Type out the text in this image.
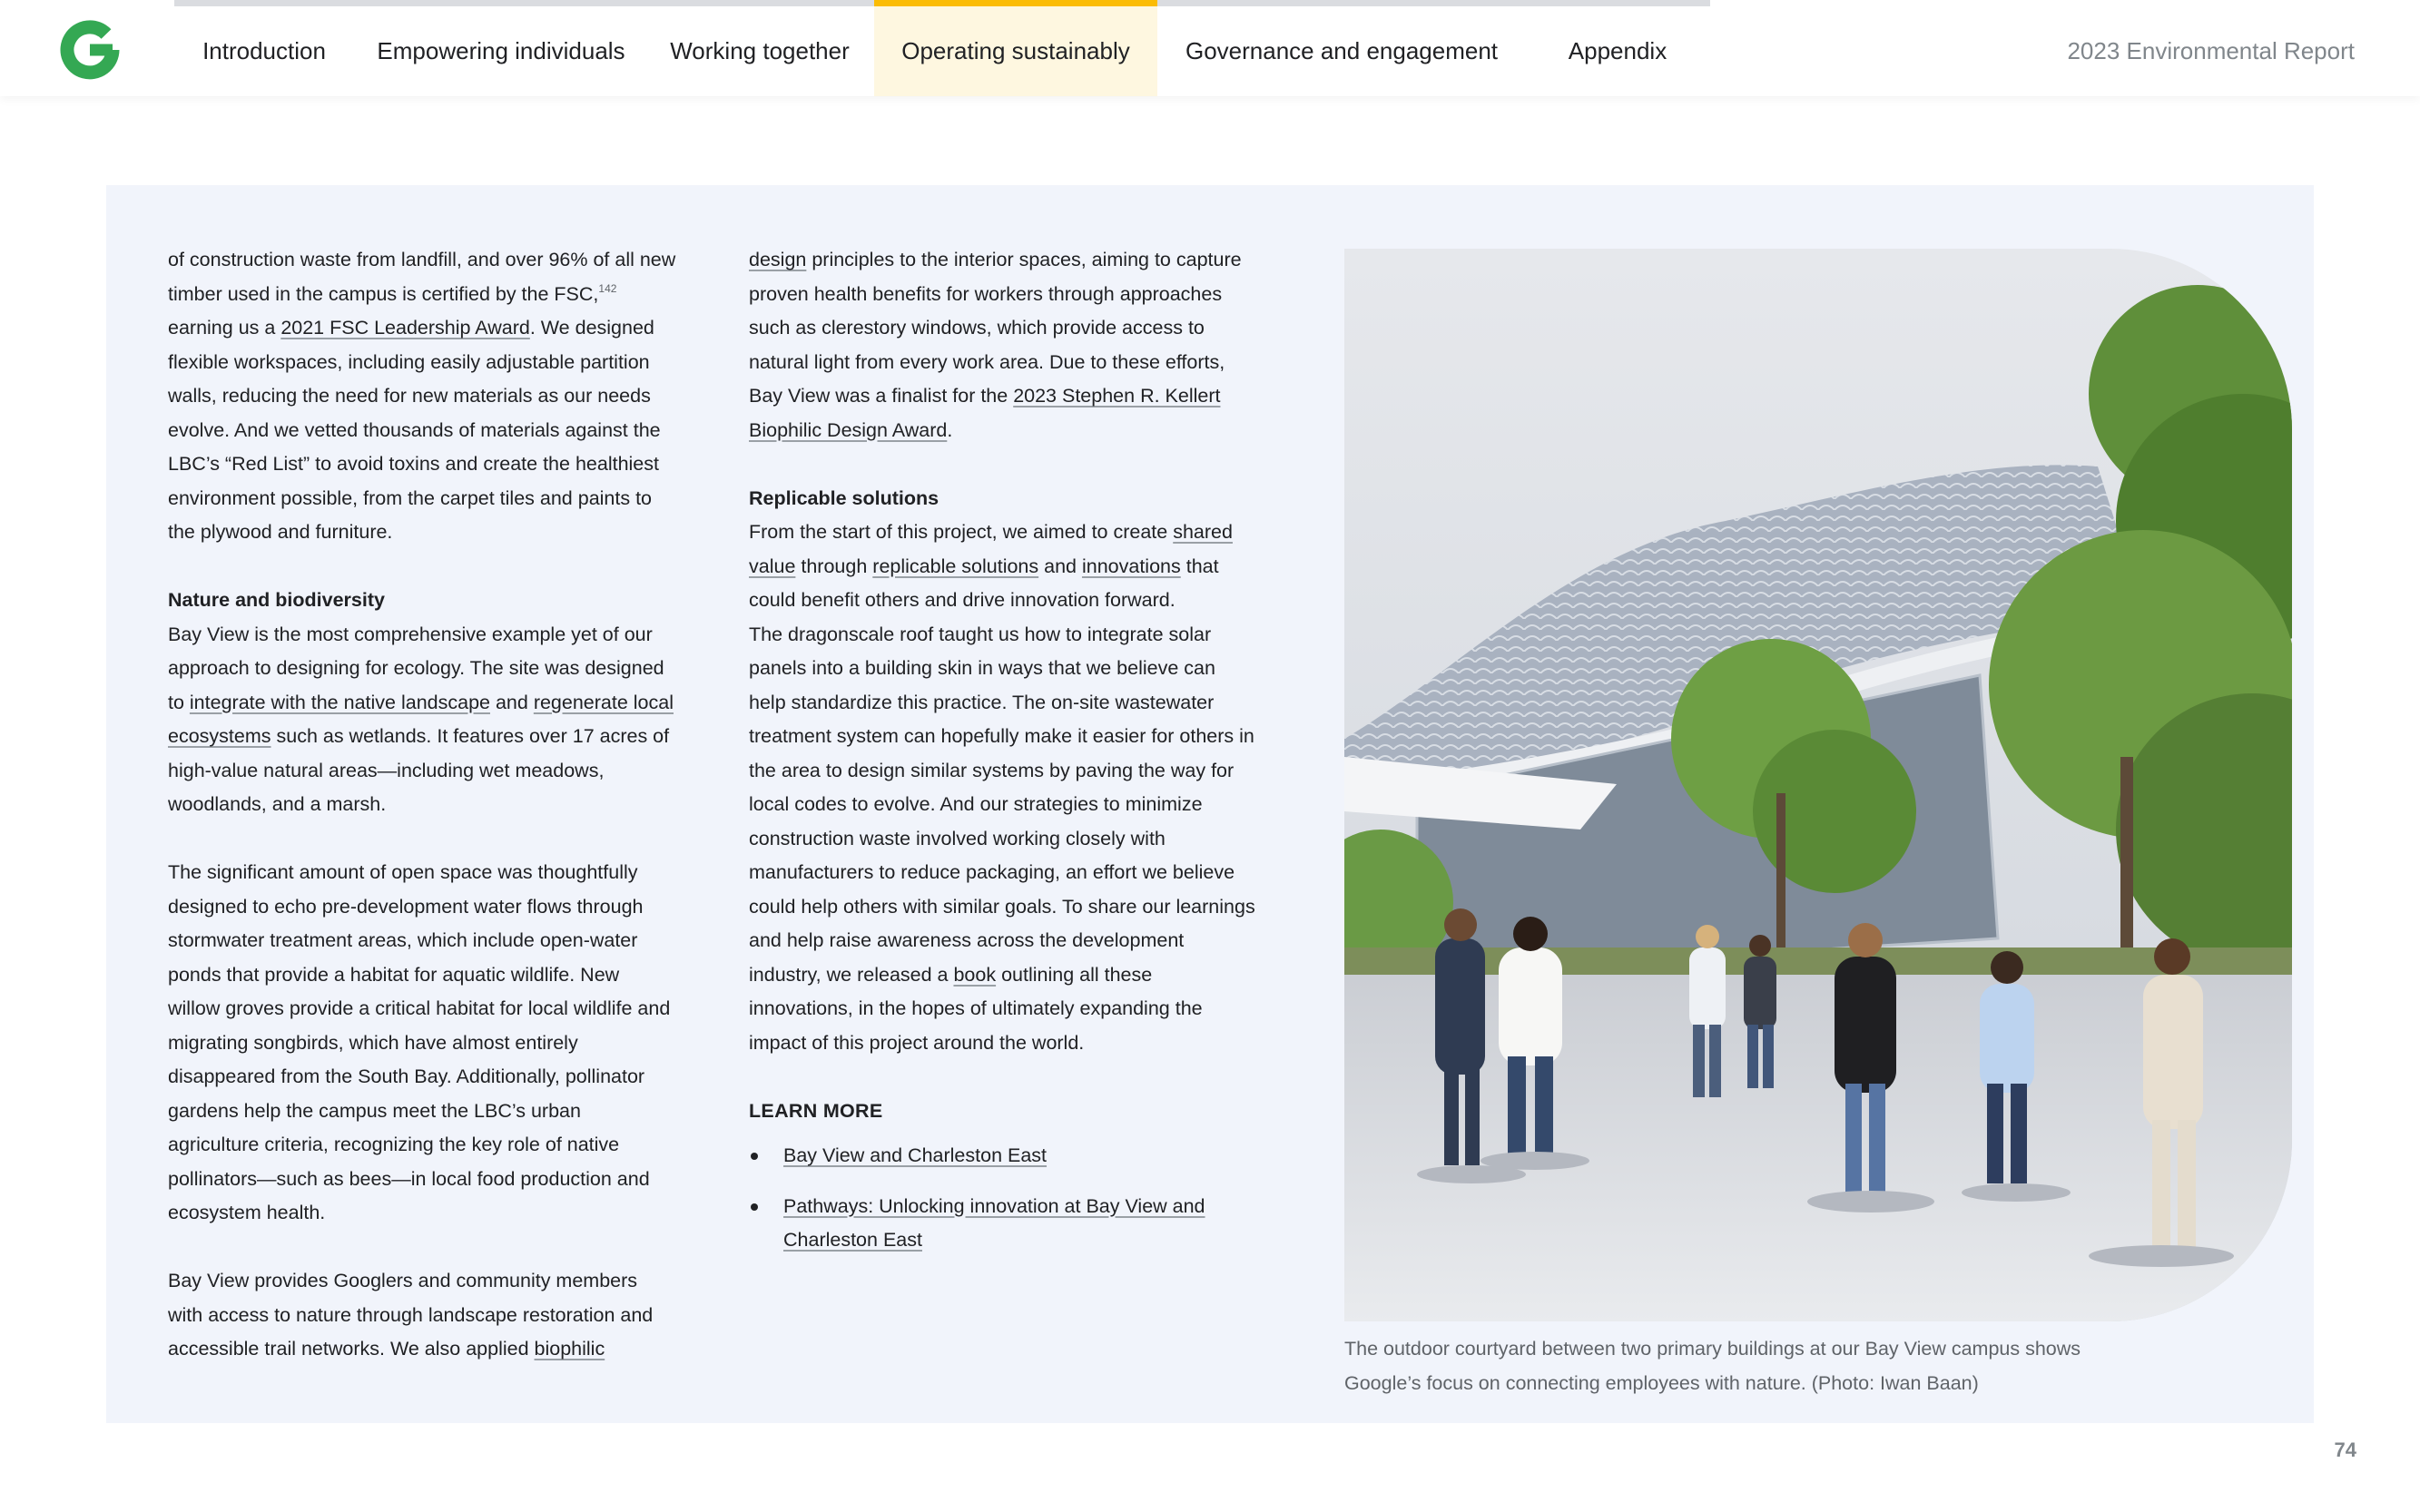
Introduction	Empowering individuals	Working together	Operating sustainably	Governance and engagement	Appendix	2023 Environmental Report

of construction waste from landfill, and over 96% of all new timber used in the campus is certified by the FSC,$^{142}$ earning us a 2021 FSC Leadership Award. We designed flexible workspaces, including easily adjustable partition walls, reducing the need for new materials as our needs evolve. And we vetted thousands of materials against the LBC’s “Red List” to avoid toxins and create the healthiest environment possible, from the carpet tiles and paints to the plywood and furniture.

Nature and biodiversity

Bay View is the most comprehensive example yet of our approach to designing for ecology. The site was designed to integrate with the native landscape and regenerate local ecosystems such as wetlands. It features over 17 acres of high-value natural areas—including wet meadows, woodlands, and a marsh.

The significant amount of open space was thoughtfully designed to echo pre-development water flows through stormwater treatment areas, which include open-water ponds that provide a habitat for aquatic wildlife. New willow groves provide a critical habitat for local wildlife and migrating songbirds, which have almost entirely disappeared from the South Bay. Additionally, pollinator gardens help the campus meet the LBC’s urban agriculture criteria, recognizing the key role of native pollinators—such as bees—in local food production and ecosystem health.

Bay View provides Googlers and community members with access to nature through landscape restoration and accessible trail networks. We also applied biophilic

design principles to the interior spaces, aiming to capture proven health benefits for workers through approaches such as clerestory windows, which provide access to natural light from every work area. Due to these efforts, Bay View was a finalist for the 2023 Stephen R. Kellert Biophilic Design Award.

Replicable solutions

From the start of this project, we aimed to create shared value through replicable solutions and innovations that could benefit others and drive innovation forward.

The dragonscale roof taught us how to integrate solar panels into a building skin in ways that we believe can help standardize this practice. The on-site wastewater treatment system can hopefully make it easier for others in the area to design similar systems by paving the way for local codes to evolve. And our strategies to minimize construction waste involved working closely with manufacturers to reduce packaging, an effort we believe could help others with similar goals. To share our learnings and help raise awareness across the development industry, we released a book outlining all these innovations, in the hopes of ultimately expanding the impact of this project around the world.

LEARN MORE

Bay View and Charleston East
Pathways: Unlocking innovation at Bay View and Charleston East
The outdoor courtyard between two primary buildings at our Bay View campus shows Google’s focus on connecting employees with nature. (Photo: Iwan Baan)
74
